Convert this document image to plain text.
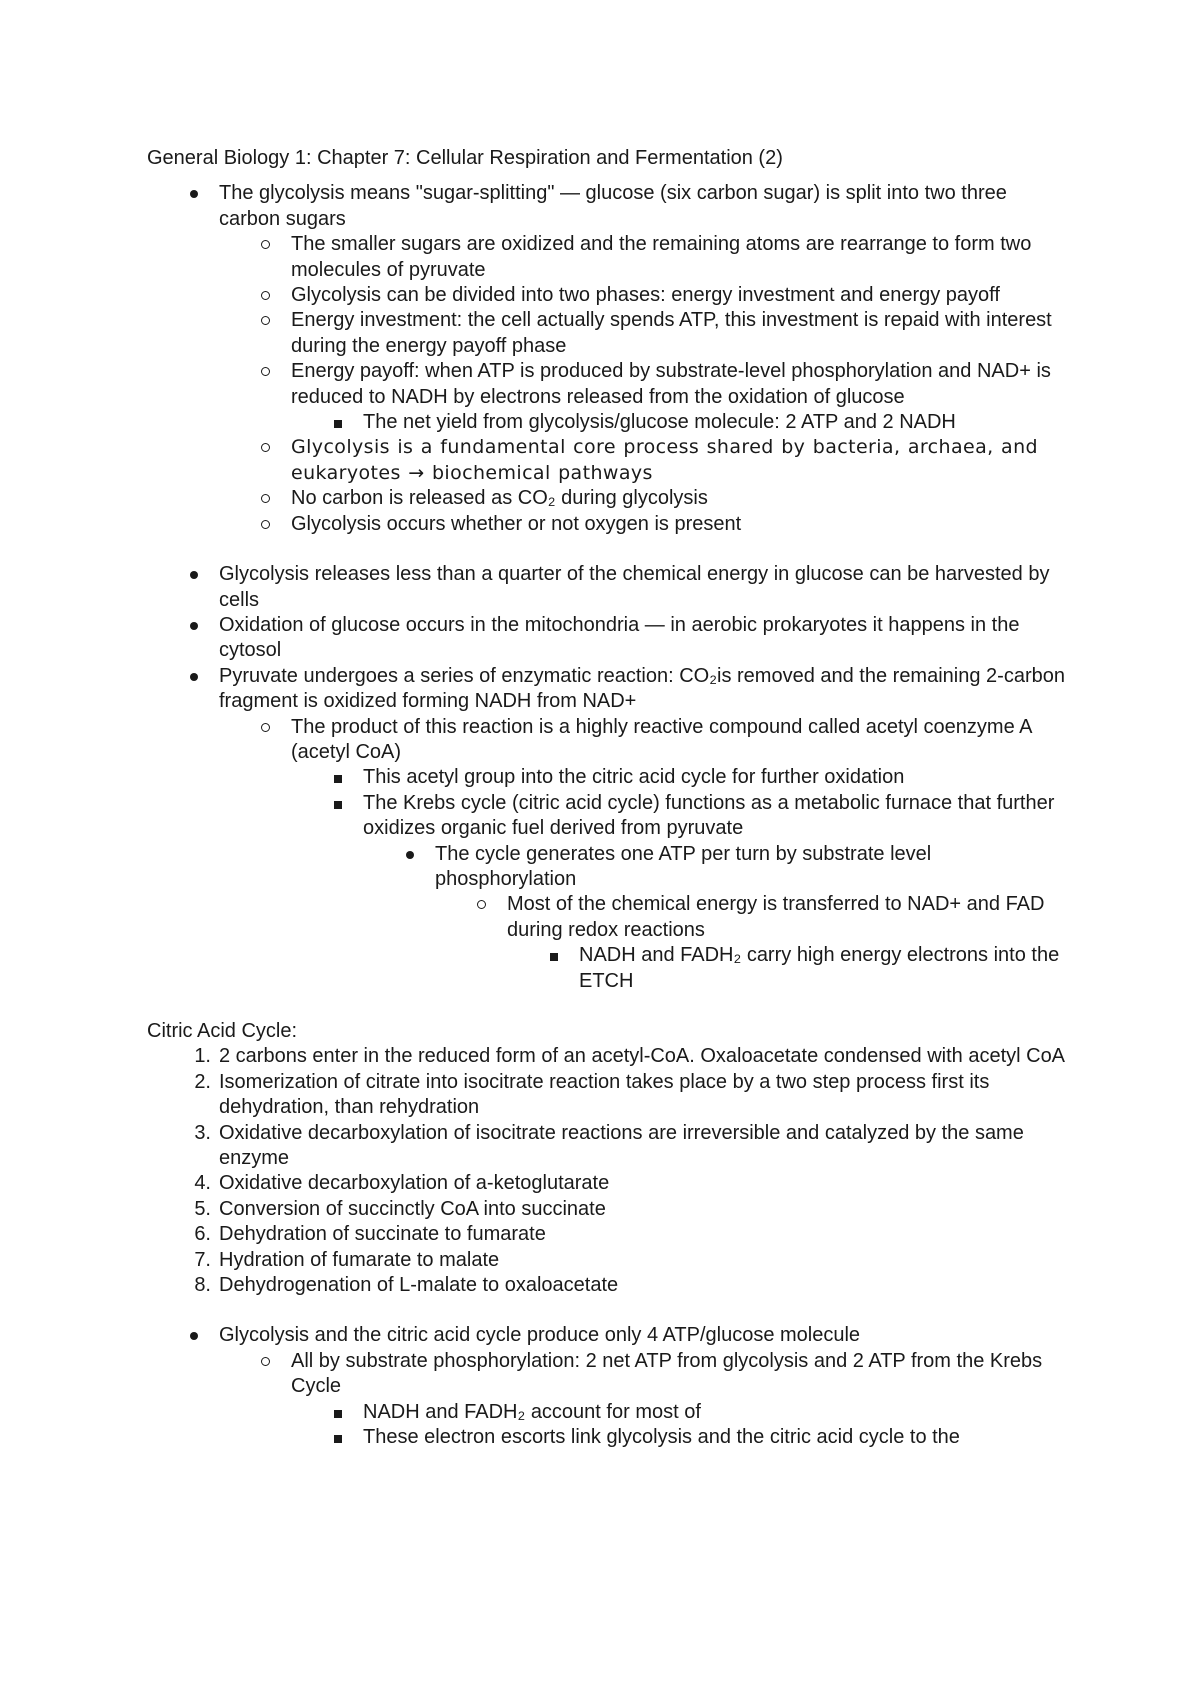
General Biology 1: Chapter 7: Cellular Respiration and Fermentation (2)

The glycolysis means "sugar-splitting" — glucose (six carbon sugar) is split into two three carbon sugars
The smaller sugars are oxidized and the remaining atoms are rearrange to form two molecules of pyruvate
Glycolysis can be divided into two phases: energy investment and energy payoff
Energy investment: the cell actually spends ATP, this investment is repaid with interest during the energy payoff phase
Energy payoff: when ATP is produced by substrate-level phosphorylation and NAD+ is reduced to NADH by electrons released from the oxidation of glucose
The net yield from glycolysis/glucose molecule: 2 ATP and 2 NADH
Glycolysis is a fundamental core process shared by bacteria, archaea, and eukaryotes → biochemical pathways
No carbon is released as CO₂ during glycolysis
Glycolysis occurs whether or not oxygen is present
Glycolysis releases less than a quarter of the chemical energy in glucose can be harvested by cells
Oxidation of glucose occurs in the mitochondria — in aerobic prokaryotes it happens in the cytosol
Pyruvate undergoes a series of enzymatic reaction: CO₂is removed and the remaining 2-carbon fragment is oxidized forming NADH from NAD+
The product of this reaction is a highly reactive compound called acetyl coenzyme A (acetyl CoA)
This acetyl group into the citric acid cycle for further oxidation
The Krebs cycle (citric acid cycle) functions as a metabolic furnace that further oxidizes organic fuel derived from pyruvate
The cycle generates one ATP per turn by substrate level phosphorylation
Most of the chemical energy is transferred to NAD+ and FAD during redox reactions
NADH and FADH₂ carry high energy electrons into the ETCH

Citric Acid Cycle:

1. 2 carbons enter in the reduced form of an acetyl-CoA. Oxaloacetate condensed with acetyl CoA
2. Isomerization of citrate into isocitrate reaction takes place by a two step process first its dehydration, than rehydration
3. Oxidative decarboxylation of isocitrate reactions are irreversible and catalyzed by the same enzyme
4. Oxidative decarboxylation of a-ketoglutarate
5. Conversion of succinctly CoA into succinate
6. Dehydration of succinate to fumarate
7. Hydration of fumarate to malate
8. Dehydrogenation of L-malate to oxaloacetate
Glycolysis and the citric acid cycle produce only 4 ATP/glucose molecule
All by substrate phosphorylation: 2 net ATP from glycolysis and 2 ATP from the Krebs Cycle
NADH and FADH₂ account for most of
These electron escorts link glycolysis and the citric acid cycle to the
